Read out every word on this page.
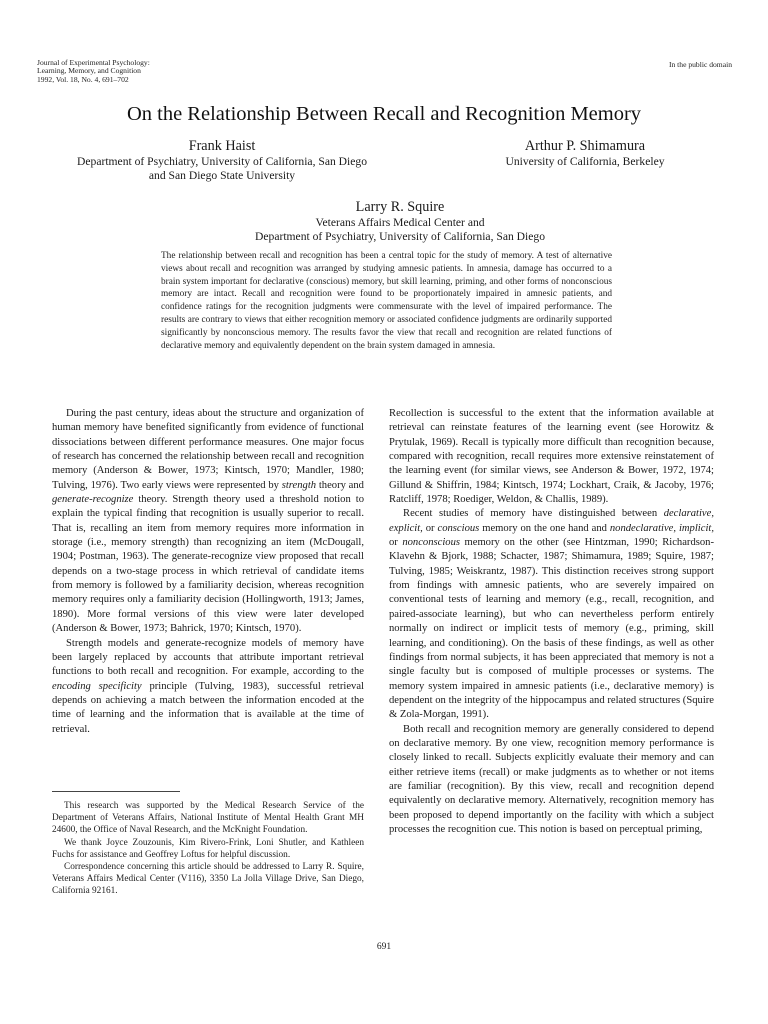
Journal of Experimental Psychology:
Learning, Memory, and Cognition
1992, Vol. 18, No. 4, 691–702
In the public domain
On the Relationship Between Recall and Recognition Memory
Frank Haist
Department of Psychiatry, University of California, San Diego
and San Diego State University
Arthur P. Shimamura
University of California, Berkeley
Larry R. Squire
Veterans Affairs Medical Center and
Department of Psychiatry, University of California, San Diego

The relationship between recall and recognition has been a central topic for the study of memory. A test of alternative views about recall and recognition was arranged by studying amnesic patients. In amnesia, damage has occurred to a brain system important for declarative (conscious) memory, but skill learning, priming, and other forms of nonconscious memory are intact. Recall and recognition were found to be proportionately impaired in amnesic patients, and confidence ratings for the recognition judgments were commensurate with the level of impaired performance. The results are contrary to views that either recognition memory or associated confidence judgments are ordinarily supported significantly by nonconscious memory. The results favor the view that recall and recognition are related functions of declarative memory and equivalently dependent on the brain system damaged in amnesia.

During the past century, ideas about the structure and organization of human memory have benefited significantly from evidence of functional dissociations between different performance measures. One major focus of research has concerned the relationship between recall and recognition memory (Anderson & Bower, 1973; Kintsch, 1970; Mandler, 1980; Tulving, 1976). Two early views were represented by strength theory and generate-recognize theory. Strength theory used a threshold notion to explain the typical finding that recognition is usually superior to recall. That is, recalling an item from memory requires more information in storage (i.e., memory strength) than recognizing an item (McDougall, 1904; Postman, 1963). The generate-recognize view proposed that recall depends on a two-stage process in which retrieval of candidate items from memory is followed by a familiarity decision, whereas recognition memory requires only a familiarity decision (Hollingworth, 1913; James, 1890). More formal versions of this view were later developed (Anderson & Bower, 1973; Bahrick, 1970; Kintsch, 1970).

Strength models and generate-recognize models of memory have been largely replaced by accounts that attribute important retrieval functions to both recall and recognition. For example, according to the encoding specificity principle (Tulving, 1983), successful retrieval depends on achieving a match between the information encoded at the time of learning and the information that is available at the time of retrieval.

Recollection is successful to the extent that the information available at retrieval can reinstate features of the learning event (see Horowitz & Prytulak, 1969). Recall is typically more difficult than recognition because, compared with recognition, recall requires more extensive reinstatement of the learning event (for similar views, see Anderson & Bower, 1972, 1974; Gillund & Shiffrin, 1984; Kintsch, 1974; Lockhart, Craik, & Jacoby, 1976; Ratcliff, 1978; Roediger, Weldon, & Challis, 1989).

Recent studies of memory have distinguished between declarative, explicit, or conscious memory on the one hand and nondeclarative, implicit, or nonconscious memory on the other (see Hintzman, 1990; Richardson-Klavehn & Bjork, 1988; Schacter, 1987; Shimamura, 1989; Squire, 1987; Tulving, 1985; Weiskrantz, 1987). This distinction receives strong support from findings with amnesic patients, who are severely impaired on conventional tests of learning and memory (e.g., recall, recognition, and paired-associate learning), but who can nevertheless perform entirely normally on indirect or implicit tests of memory (e.g., priming, skill learning, and conditioning). On the basis of these findings, as well as other findings from normal subjects, it has been appreciated that memory is not a single faculty but is composed of multiple processes or systems. The memory system impaired in amnesic patients (i.e., declarative memory) is dependent on the integrity of the hippocampus and related structures (Squire & Zola-Morgan, 1991).

Both recall and recognition memory are generally considered to depend on declarative memory. By one view, recognition memory performance is closely linked to recall. Subjects explicitly evaluate their memory and can either retrieve items (recall) or make judgments as to whether or not items are familiar (recognition). By this view, recall and recognition depend equivalently on declarative memory. Alternatively, recognition memory has been proposed to depend importantly on the facility with which a subject processes the recognition cue. This notion is based on perceptual priming,

This research was supported by the Medical Research Service of the Department of Veterans Affairs, National Institute of Mental Health Grant MH 24600, the Office of Naval Research, and the McKnight Foundation.

We thank Joyce Zouzounis, Kim Rivero-Frink, Loni Shutler, and Kathleen Fuchs for assistance and Geoffrey Loftus for helpful discussion.

Correspondence concerning this article should be addressed to Larry R. Squire, Veterans Affairs Medical Center (V116), 3350 La Jolla Village Drive, San Diego, California 92161.

691
